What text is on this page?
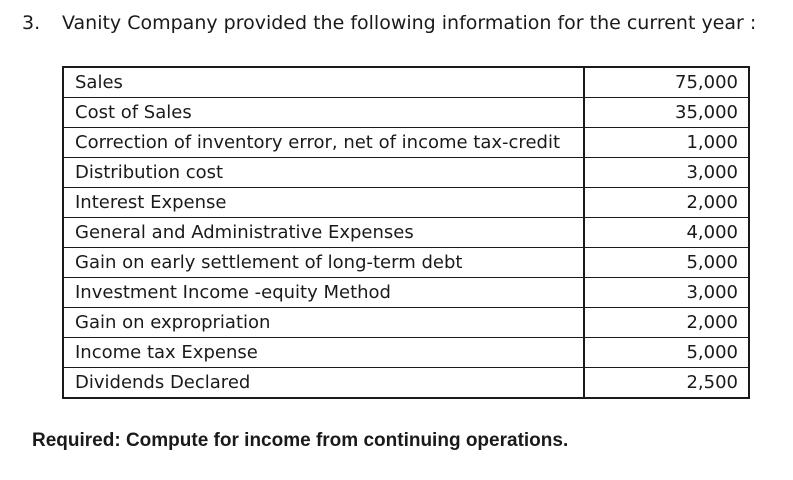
3. Vanity Company provided the following information for the current year :
Sales	75,000
Cost of Sales	35,000
Correction of inventory error, net of income tax-credit	1,000
Distribution cost	3,000
Interest Expense	2,000
General and Administrative Expenses	4,000
Gain on early settlement of long-term debt	5,000
Investment Income -equity Method	3,000
Gain on expropriation	2,000
Income tax Expense	5,000
Dividends Declared	2,500
Required: Compute for income from continuing operations.
